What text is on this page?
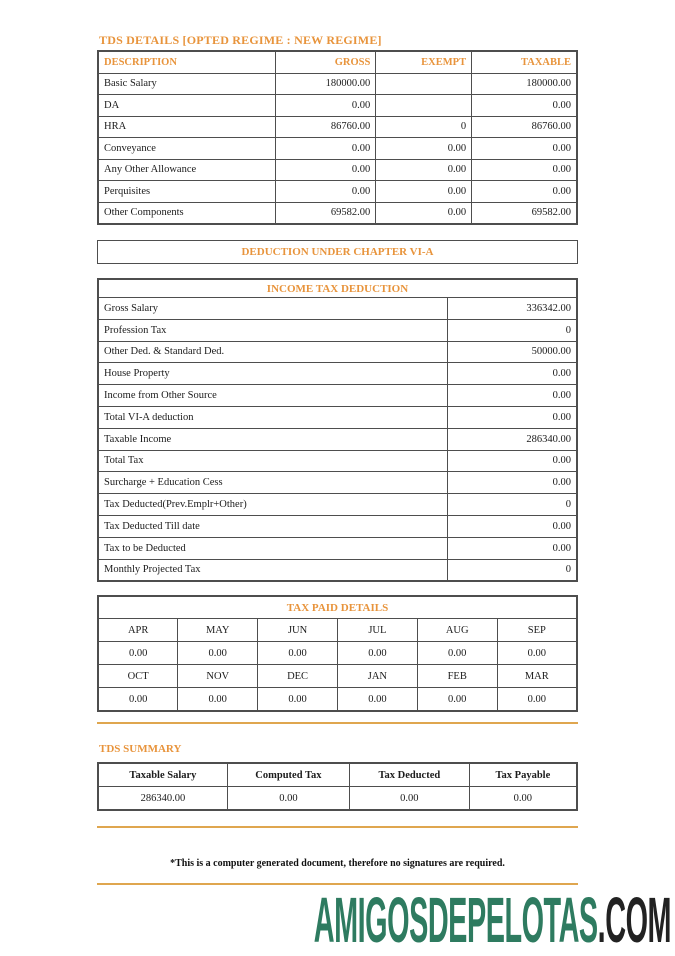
TDS DETAILS [OPTED REGIME : NEW REGIME]
DESCRIPTION	GROSS	EXEMPT	TAXABLE
Basic Salary	180000.00		180000.00
DA	0.00		0.00
HRA	86760.00	0	86760.00
Conveyance	0.00	0.00	0.00
Any Other Allowance	0.00	0.00	0.00
Perquisites	0.00	0.00	0.00
Other Components	69582.00	0.00	69582.00
DEDUCTION UNDER CHAPTER VI-A
INCOME TAX DEDUCTION	
Gross Salary	336342.00
Profession Tax	0
Other Ded. & Standard Ded.	50000.00
House Property	0.00
Income from Other Source	0.00
Total VI-A deduction	0.00
Taxable Income	286340.00
Total Tax	0.00
Surcharge + Education Cess	0.00
Tax Deducted(Prev.Emplr+Other)	0
Tax Deducted Till date	0.00
Tax to be Deducted	0.00
Monthly Projected Tax	0
TAX PAID DETAILS					
APR	MAY	JUN	JUL	AUG	SEP
0.00	0.00	0.00	0.00	0.00	0.00
OCT	NOV	DEC	JAN	FEB	MAR
0.00	0.00	0.00	0.00	0.00	0.00
TDS SUMMARY
Taxable Salary	Computed Tax	Tax Deducted	Tax Payable
286340.00	0.00	0.00	0.00
*This is a computer generated document, therefore no signatures are required.
AMIGOSDEPELOTAS.COM
